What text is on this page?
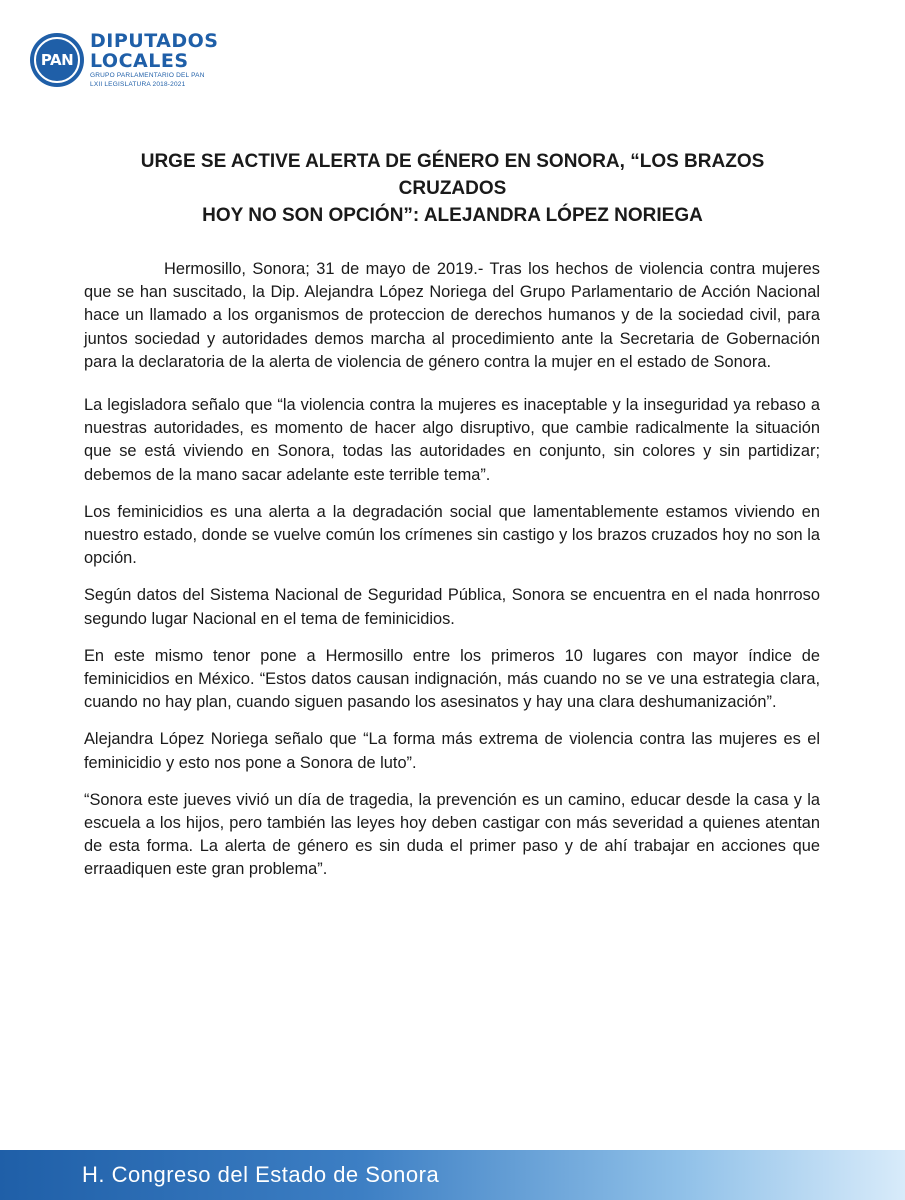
PAN
DIPUTADOS
LOCALES
GRUPO PARLAMENTARIO DEL PAN
LXII LEGISLATURA 2018-2021
URGE SE ACTIVE ALERTA DE GÉNERO EN SONORA, “LOS BRAZOS CRUZADOS
HOY NO SON OPCIÓN”: ALEJANDRA LÓPEZ NORIEGA

Hermosillo, Sonora; 31 de mayo de 2019.- Tras los hechos de violencia contra mujeres que se han suscitado, la Dip. Alejandra López Noriega del Grupo Parlamentario de Acción Nacional hace un llamado a los organismos de proteccion de derechos humanos y de la sociedad civil, para juntos sociedad y autoridades demos marcha al procedimiento ante la Secretaria de Gobernación para la declaratoria de la alerta de violencia de género contra la mujer en el estado de Sonora.

La legisladora señalo que “la violencia contra la mujeres es inaceptable y la inseguridad ya rebaso a nuestras autoridades, es momento de hacer algo disruptivo, que cambie radicalmente la situación que se está viviendo en Sonora, todas las autoridades en conjunto, sin colores y sin partidizar; debemos de la mano sacar adelante este terrible tema”.

Los feminicidios es una alerta a la degradación social que lamentablemente estamos viviendo en nuestro estado, donde se vuelve común los crímenes sin castigo y los brazos cruzados hoy no son la opción.

Según datos del Sistema Nacional de Seguridad Pública, Sonora se encuentra en el nada honrroso segundo lugar Nacional en el tema de feminicidios.

En este mismo tenor pone a Hermosillo entre los primeros 10 lugares con mayor índice de feminicidios en México. “Estos datos causan indignación, más cuando no se ve una estrategia clara, cuando no hay plan, cuando siguen pasando los asesinatos y hay una clara deshumanización”.

Alejandra López Noriega señalo que “La forma más extrema de violencia contra las mujeres es el feminicidio y esto nos pone a Sonora de luto”.

“Sonora este jueves vivió un día de tragedia, la prevención es un camino, educar desde la casa y la escuela a los hijos, pero también las leyes hoy deben castigar con más severidad a quienes atentan de esta forma. La alerta de género es sin duda el primer paso y de ahí trabajar en acciones que erraadiquen este gran problema”.

H. Congreso del Estado de Sonora
